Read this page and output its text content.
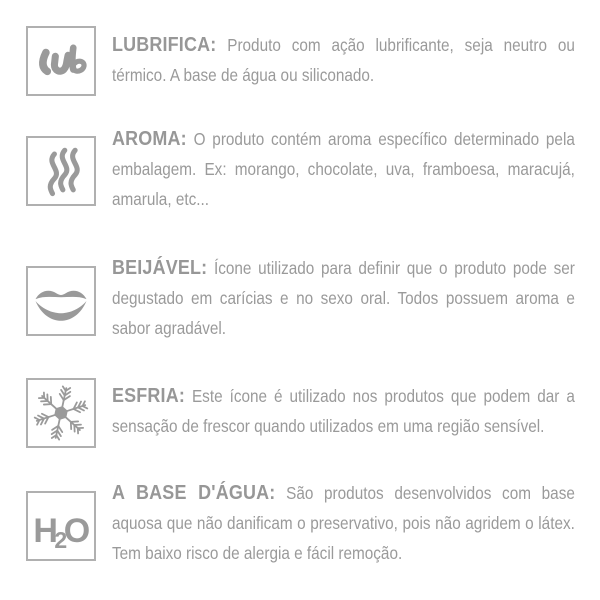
LUBRIFICA: Produto com ação lubrificante, seja neutro ou térmico. A base de água ou siliconado.

AROMA: O produto contém aroma específico determinado pela embalagem. Ex: morango, chocolate, uva, framboesa, maracujá, amarula, etc...

BEIJÁVEL: Ícone utilizado para definir que o produto pode ser degustado em carícias e no sexo oral. Todos possuem aroma e sabor agradável.

ESFRIA: Este ícone é utilizado nos produtos que podem dar a sensação de frescor quando utilizados em uma região sensível.

H
2
O

A BASE D'ÁGUA: São produtos desenvolvidos com base aquosa que não danificam o preservativo, pois não agridem o látex. Tem baixo risco de alergia e fácil remoção.
